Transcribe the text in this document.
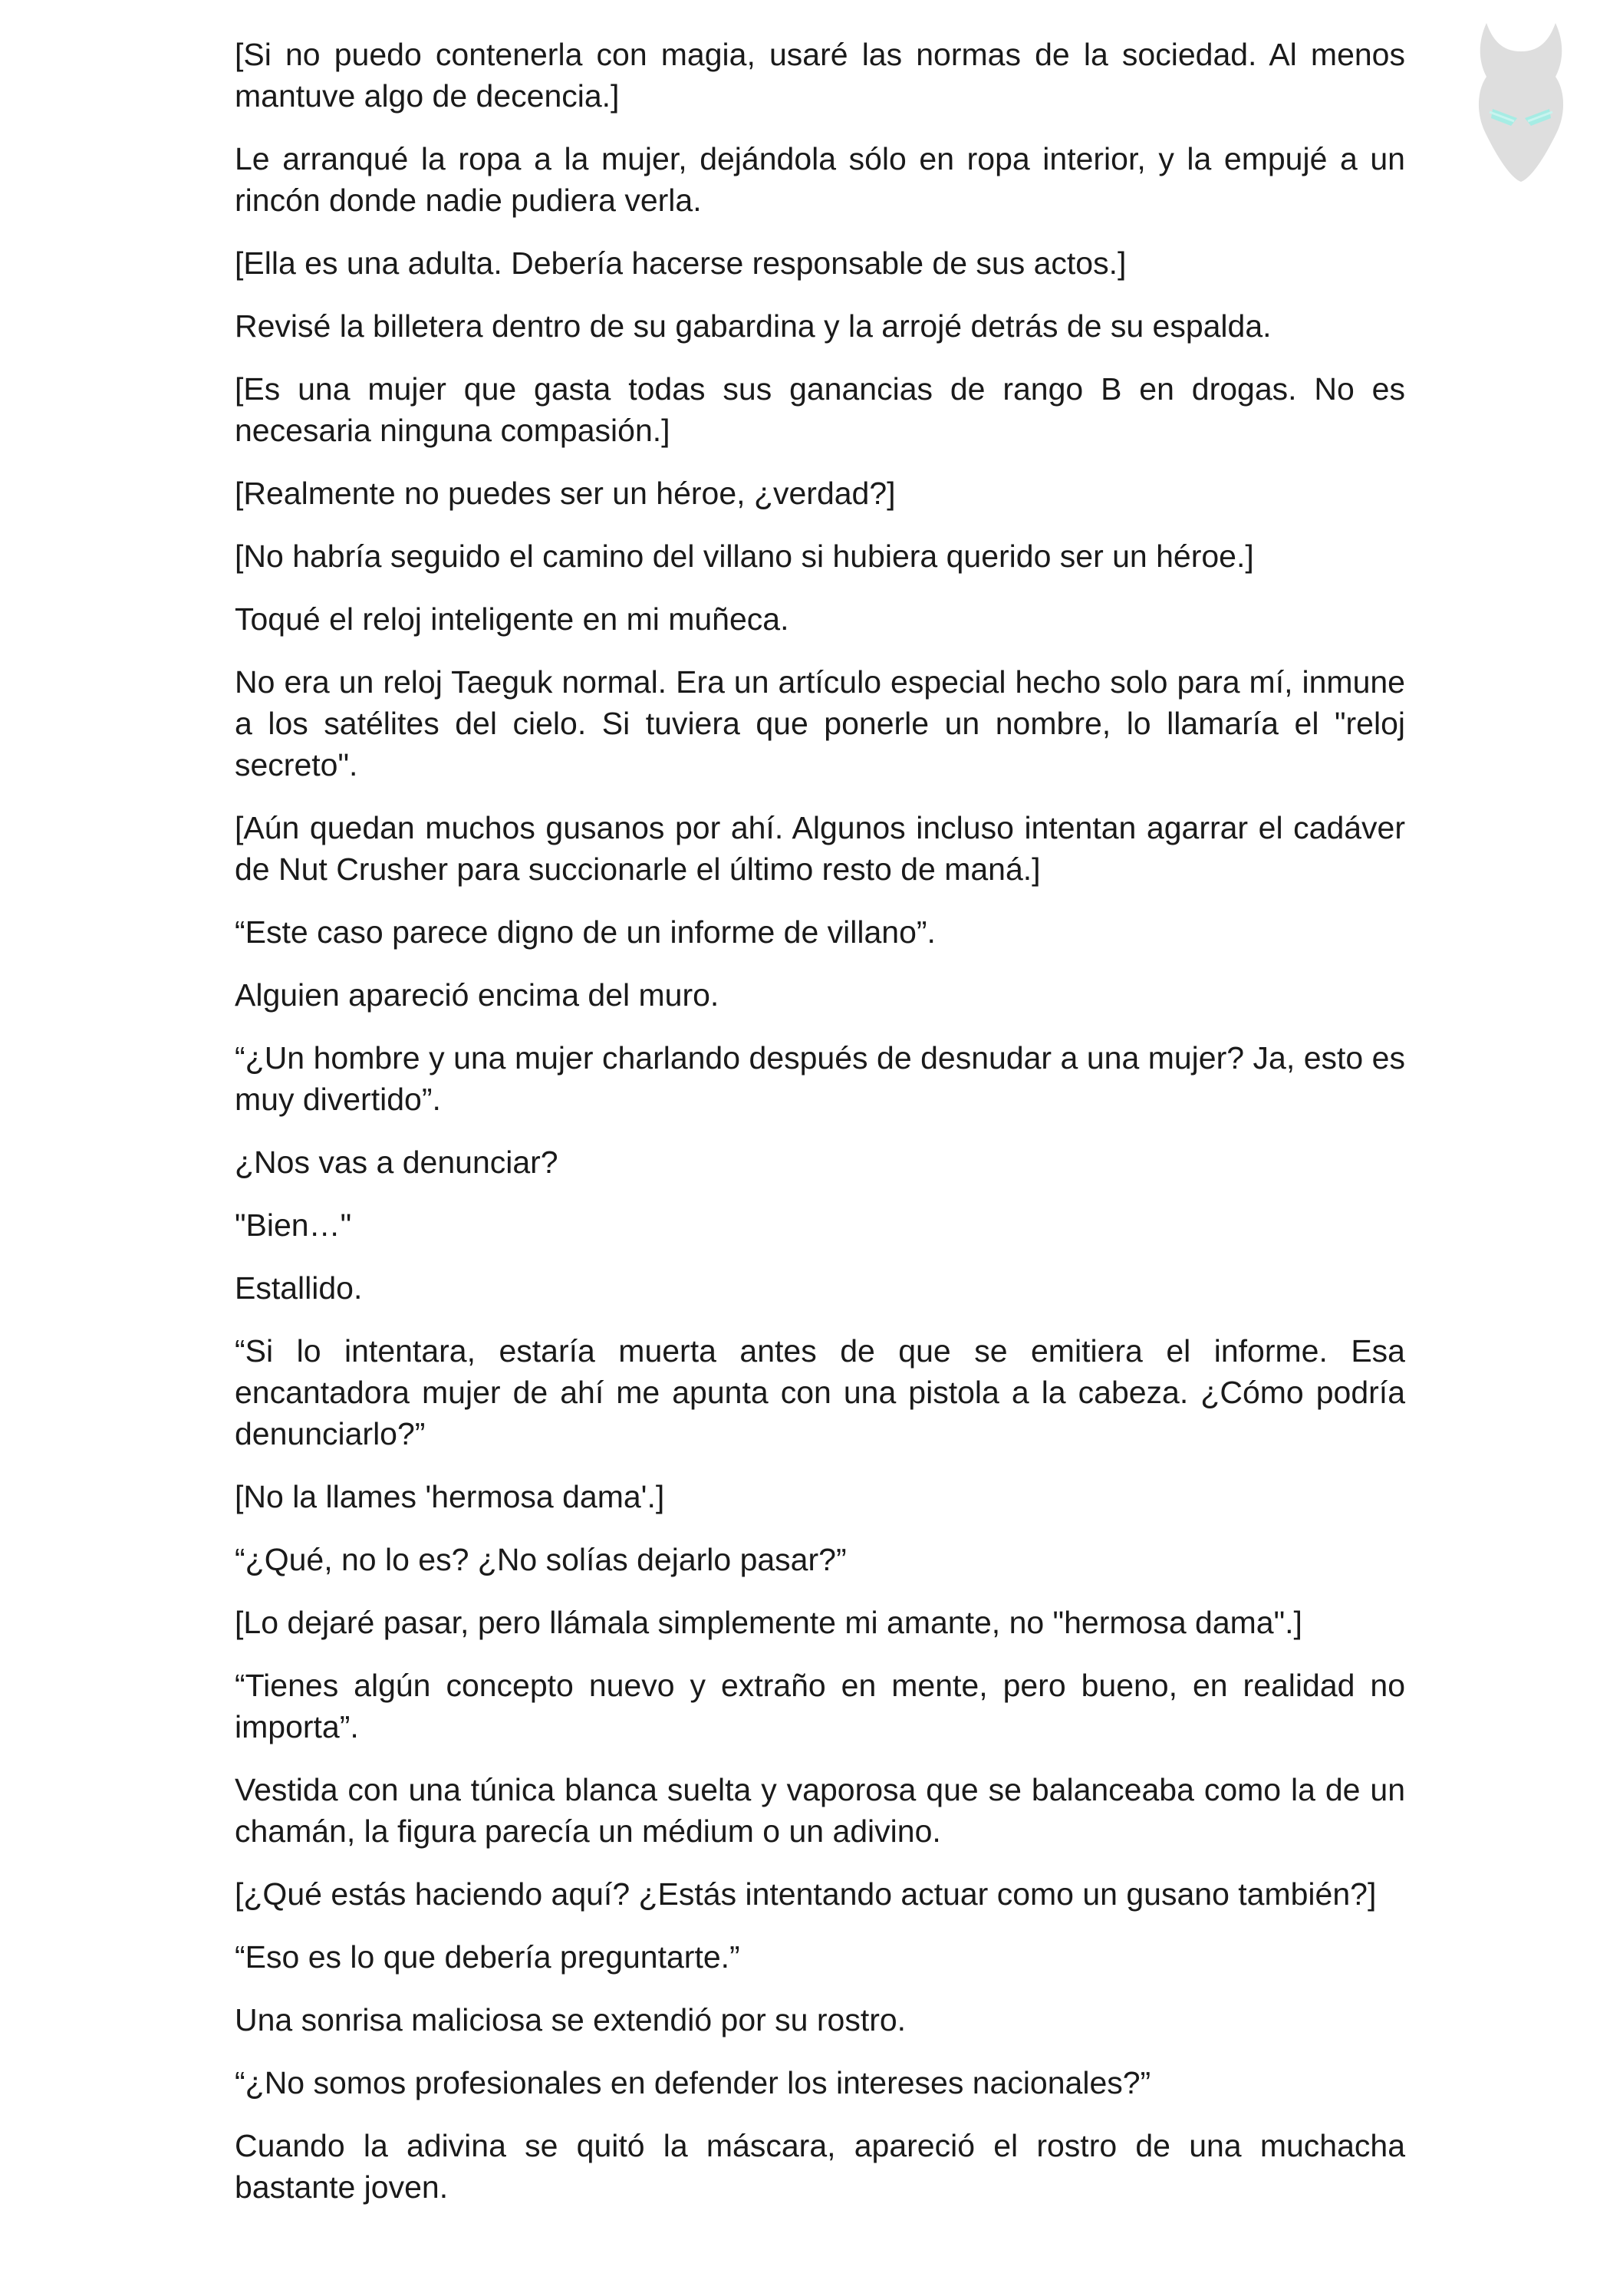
[Si no puedo contenerla con magia, usaré las normas de la sociedad. Al menos mantuve algo de decencia.]

Le arranqué la ropa a la mujer, dejándola sólo en ropa interior, y la empujé a un rincón donde nadie pudiera verla.

[Ella es una adulta. Debería hacerse responsable de sus actos.]

Revisé la billetera dentro de su gabardina y la arrojé detrás de su espalda.

[Es una mujer que gasta todas sus ganancias de rango B en drogas. No es necesaria ninguna compasión.]

[Realmente no puedes ser un héroe, ¿verdad?]

[No habría seguido el camino del villano si hubiera querido ser un héroe.]

Toqué el reloj inteligente en mi muñeca.

No era un reloj Taeguk normal. Era un artículo especial hecho solo para mí, inmune a los satélites del cielo. Si tuviera que ponerle un nombre, lo llamaría el "reloj secreto".

[Aún quedan muchos gusanos por ahí. Algunos incluso intentan agarrar el cadáver de Nut Crusher para succionarle el último resto de maná.]

“Este caso parece digno de un informe de villano”.

Alguien apareció encima del muro.

“¿Un hombre y una mujer charlando después de desnudar a una mujer? Ja, esto es muy divertido”.

¿Nos vas a denunciar?

"Bien…"

Estallido.

“Si lo intentara, estaría muerta antes de que se emitiera el informe. Esa encantadora mujer de ahí me apunta con una pistola a la cabeza. ¿Cómo podría denunciarlo?”

[No la llames 'hermosa dama'.]

“¿Qué, no lo es? ¿No solías dejarlo pasar?”

[Lo dejaré pasar, pero llámala simplemente mi amante, no "hermosa dama".]

“Tienes algún concepto nuevo y extraño en mente, pero bueno, en realidad no importa”.

Vestida con una túnica blanca suelta y vaporosa que se balanceaba como la de un chamán, la figura parecía un médium o un adivino.

[¿Qué estás haciendo aquí? ¿Estás intentando actuar como un gusano también?]

“Eso es lo que debería preguntarte.”

Una sonrisa maliciosa se extendió por su rostro.

“¿No somos profesionales en defender los intereses nacionales?”

Cuando la adivina se quitó la máscara, apareció el rostro de una muchacha bastante joven.
